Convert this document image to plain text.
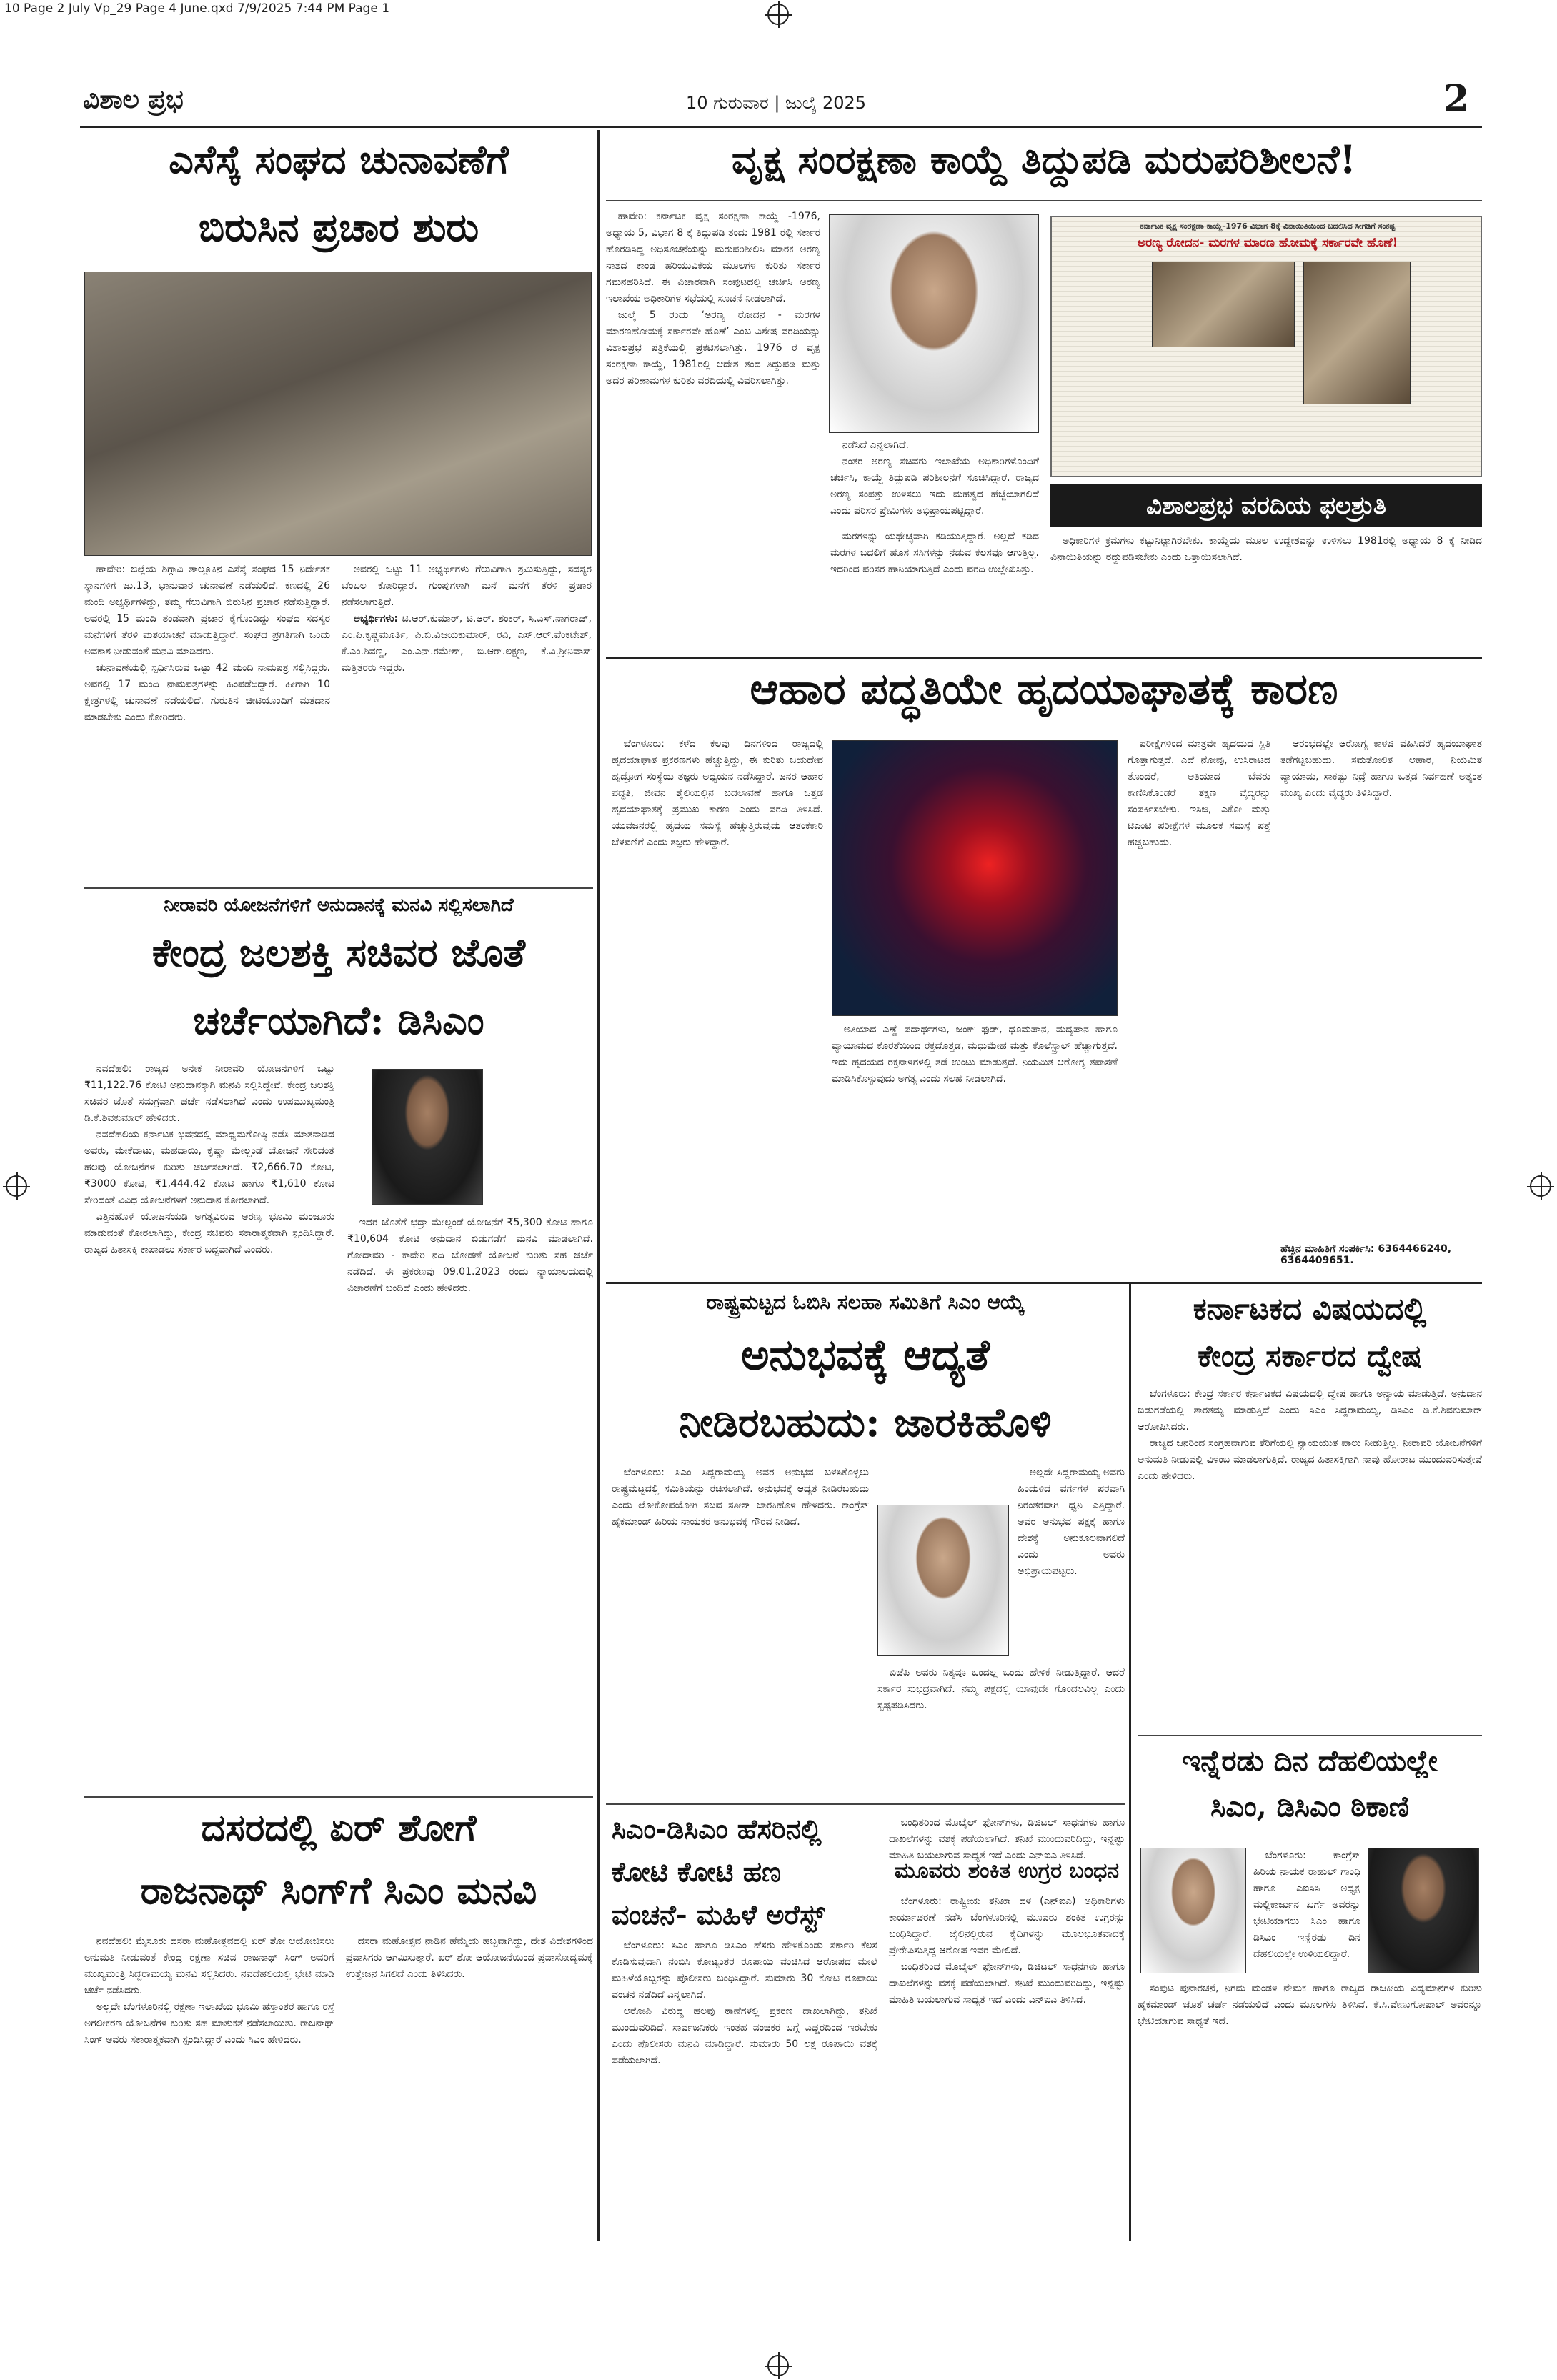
10 Page 2 July Vp_29 Page 4 June.qxd 7/9/2025 7:44 PM Page 1
ವಿಶಾಲ ಪ್ರಭ	10 ಗುರುವಾರ | ಜುಲೈ 2025	2
ಎಸೆಸ್ಕೆ ಸಂಘದ ಚುನಾವಣೆಗೆ
ಬಿರುಸಿನ ಪ್ರಚಾರ ಶುರು

ಹಾವೇರಿ: ಜಿಲ್ಲೆಯ ಶಿಗ್ಗಾವಿ ತಾಲ್ಲೂಕಿನ ಎಸೆಸ್ಕೆ ಸಂಘದ 15 ನಿರ್ದೇಶಕ ಸ್ಥಾನಗಳಿಗೆ ಜು.13, ಭಾನುವಾರ ಚುನಾವಣೆ ನಡೆಯಲಿದೆ. ಕಣದಲ್ಲಿ 26 ಮಂದಿ ಅಭ್ಯರ್ಥಿಗಳಿದ್ದು, ತಮ್ಮ ಗೆಲುವಿಗಾಗಿ ಬಿರುಸಿನ ಪ್ರಚಾರ ನಡೆಸುತ್ತಿದ್ದಾರೆ. ಅವರಲ್ಲಿ 15 ಮಂದಿ ತಂಡವಾಗಿ ಪ್ರಚಾರ ಕೈಗೊಂಡಿದ್ದು ಸಂಘದ ಸದಸ್ಯರ ಮನೆಗಳಿಗೆ ತೆರಳಿ ಮತಯಾಚನೆ ಮಾಡುತ್ತಿದ್ದಾರೆ. ಸಂಘದ ಪ್ರಗತಿಗಾಗಿ ಒಂದು ಅವಕಾಶ ನೀಡುವಂತೆ ಮನವಿ ಮಾಡಿದರು.

ಚುನಾವಣೆಯಲ್ಲಿ ಸ್ಪರ್ಧಿಸಿರುವ ಒಟ್ಟು 42 ಮಂದಿ ನಾಮಪತ್ರ ಸಲ್ಲಿಸಿದ್ದರು. ಅವರಲ್ಲಿ 17 ಮಂದಿ ನಾಮಪತ್ರಗಳನ್ನು ಹಿಂಪಡೆದಿದ್ದಾರೆ. ಹೀಗಾಗಿ 10 ಕ್ಷೇತ್ರಗಳಲ್ಲಿ ಚುನಾವಣೆ ನಡೆಯಲಿದೆ. ಗುರುತಿನ ಚೀಟಿಯೊಂದಿಗೆ ಮತದಾನ ಮಾಡಬೇಕು ಎಂದು ಕೋರಿದರು.

ಅವರಲ್ಲಿ ಒಟ್ಟು 11 ಅಭ್ಯರ್ಥಿಗಳು ಗೆಲುವಿಗಾಗಿ ಶ್ರಮಿಸುತ್ತಿದ್ದು, ಸದಸ್ಯರ ಬೆಂಬಲ ಕೋರಿದ್ದಾರೆ. ಗುಂಪುಗಳಾಗಿ ಮನೆ ಮನೆಗೆ ತೆರಳಿ ಪ್ರಚಾರ ನಡೆಸಲಾಗುತ್ತಿದೆ.

ಅಭ್ಯರ್ಥಿಗಳು: ಟಿ.ಆರ್.ಕುಮಾರ್, ಟಿ.ಆರ್. ಶಂಕರ್, ಸಿ.ಎಸ್.ನಾಗರಾಜ್, ಎಂ.ಪಿ.ಕೃಷ್ಣಮೂರ್ತಿ, ಪಿ.ಬಿ.ವಿಜಯಕುಮಾರ್, ರವಿ, ಎಸ್.ಆರ್.ವೆಂಕಟೇಶ್, ಕೆ.ಎಂ.ಶಿವಣ್ಣ, ಎಂ.ಎನ್.ರಮೇಶ್, ಬಿ.ಆರ್.ಲಕ್ಷ್ಮಣ, ಕೆ.ವಿ.ಶ್ರೀನಿವಾಸ್ ಮತ್ತಿತರರು ಇದ್ದರು.

ನೀರಾವರಿ ಯೋಜನೆಗಳಿಗೆ ಅನುದಾನಕ್ಕೆ ಮನವಿ ಸಲ್ಲಿಸಲಾಗಿದೆ
ಕೇಂದ್ರ ಜಲಶಕ್ತಿ ಸಚಿವರ ಜೊತೆ
ಚರ್ಚೆಯಾಗಿದೆ: ಡಿಸಿಎಂ

ನವದೆಹಲಿ: ರಾಜ್ಯದ ಅನೇಕ ನೀರಾವರಿ ಯೋಜನೆಗಳಿಗೆ ಒಟ್ಟು ₹11,122.76 ಕೋಟಿ ಅನುದಾನಕ್ಕಾಗಿ ಮನವಿ ಸಲ್ಲಿಸಿದ್ದೇವೆ. ಕೇಂದ್ರ ಜಲಶಕ್ತಿ ಸಚಿವರ ಜೊತೆ ಸಮಗ್ರವಾಗಿ ಚರ್ಚೆ ನಡೆಸಲಾಗಿದೆ ಎಂದು ಉಪಮುಖ್ಯಮಂತ್ರಿ ಡಿ.ಕೆ.ಶಿವಕುಮಾರ್ ಹೇಳಿದರು.

ನವದೆಹಲಿಯ ಕರ್ನಾಟಕ ಭವನದಲ್ಲಿ ಮಾಧ್ಯಮಗೋಷ್ಠಿ ನಡೆಸಿ ಮಾತನಾಡಿದ ಅವರು, ಮೇಕೆದಾಟು, ಮಹದಾಯಿ, ಕೃಷ್ಣಾ ಮೇಲ್ದಂಡೆ ಯೋಜನೆ ಸೇರಿದಂತೆ ಹಲವು ಯೋಜನೆಗಳ ಕುರಿತು ಚರ್ಚಿಸಲಾಗಿದೆ. ₹2,666.70 ಕೋಟಿ, ₹3000 ಕೋಟಿ, ₹1,444.42 ಕೋಟಿ ಹಾಗೂ ₹1,610 ಕೋಟಿ ಸೇರಿದಂತೆ ವಿವಿಧ ಯೋಜನೆಗಳಿಗೆ ಅನುದಾನ ಕೋರಲಾಗಿದೆ.

ಎತ್ತಿನಹೊಳೆ ಯೋಜನೆಯಡಿ ಅಗತ್ಯವಿರುವ ಅರಣ್ಯ ಭೂಮಿ ಮಂಜೂರು ಮಾಡುವಂತೆ ಕೋರಲಾಗಿದ್ದು, ಕೇಂದ್ರ ಸಚಿವರು ಸಕಾರಾತ್ಮಕವಾಗಿ ಸ್ಪಂದಿಸಿದ್ದಾರೆ. ರಾಜ್ಯದ ಹಿತಾಸಕ್ತಿ ಕಾಪಾಡಲು ಸರ್ಕಾರ ಬದ್ಧವಾಗಿದೆ ಎಂದರು.

ಇದರ ಜೊತೆಗೆ ಭದ್ರಾ ಮೇಲ್ದಂಡೆ ಯೋಜನೆಗೆ ₹5,300 ಕೋಟಿ ಹಾಗೂ ₹10,604 ಕೋಟಿ ಅನುದಾನ ಬಿಡುಗಡೆಗೆ ಮನವಿ ಮಾಡಲಾಗಿದೆ. ಗೋದಾವರಿ - ಕಾವೇರಿ ನದಿ ಜೋಡಣೆ ಯೋಜನೆ ಕುರಿತು ಸಹ ಚರ್ಚೆ ನಡೆದಿದೆ. ಈ ಪ್ರಕರಣವು 09.01.2023 ರಂದು ನ್ಯಾಯಾಲಯದಲ್ಲಿ ವಿಚಾರಣೆಗೆ ಬಂದಿದೆ ಎಂದು ಹೇಳಿದರು.

ದಸರದಲ್ಲಿ ಏರ್ ಶೋಗೆ
ರಾಜನಾಥ್ ಸಿಂಗ್‌ಗೆ ಸಿಎಂ ಮನವಿ

ನವದೆಹಲಿ: ಮೈಸೂರು ದಸರಾ ಮಹೋತ್ಸವದಲ್ಲಿ ಏರ್ ಶೋ ಆಯೋಜಿಸಲು ಅನುಮತಿ ನೀಡುವಂತೆ ಕೇಂದ್ರ ರಕ್ಷಣಾ ಸಚಿವ ರಾಜನಾಥ್ ಸಿಂಗ್ ಅವರಿಗೆ ಮುಖ್ಯಮಂತ್ರಿ ಸಿದ್ದರಾಮಯ್ಯ ಮನವಿ ಸಲ್ಲಿಸಿದರು. ನವದೆಹಲಿಯಲ್ಲಿ ಭೇಟಿ ಮಾಡಿ ಚರ್ಚೆ ನಡೆಸಿದರು.

ಅಲ್ಲದೇ ಬೆಂಗಳೂರಿನಲ್ಲಿ ರಕ್ಷಣಾ ಇಲಾಖೆಯ ಭೂಮಿ ಹಸ್ತಾಂತರ ಹಾಗೂ ರಸ್ತೆ ಅಗಲೀಕರಣ ಯೋಜನೆಗಳ ಕುರಿತು ಸಹ ಮಾತುಕತೆ ನಡೆಸಲಾಯಿತು. ರಾಜನಾಥ್ ಸಿಂಗ್ ಅವರು ಸಕಾರಾತ್ಮಕವಾಗಿ ಸ್ಪಂದಿಸಿದ್ದಾರೆ ಎಂದು ಸಿಎಂ ಹೇಳಿದರು.

ದಸರಾ ಮಹೋತ್ಸವ ನಾಡಿನ ಹೆಮ್ಮೆಯ ಹಬ್ಬವಾಗಿದ್ದು, ದೇಶ ವಿದೇಶಗಳಿಂದ ಪ್ರವಾಸಿಗರು ಆಗಮಿಸುತ್ತಾರೆ. ಏರ್ ಶೋ ಆಯೋಜನೆಯಿಂದ ಪ್ರವಾಸೋದ್ಯಮಕ್ಕೆ ಉತ್ತೇಜನ ಸಿಗಲಿದೆ ಎಂದು ತಿಳಿಸಿದರು.

ವೃಕ್ಷ ಸಂರಕ್ಷಣಾ ಕಾಯ್ದೆ ತಿದ್ದುಪಡಿ ಮರುಪರಿಶೀಲನೆ!

ಹಾವೇರಿ: ಕರ್ನಾಟಕ ವೃಕ್ಷ ಸಂರಕ್ಷಣಾ ಕಾಯ್ದೆ -1976, ಅಧ್ಯಾಯ 5, ವಿಭಾಗ 8 ಕ್ಕೆ ತಿದ್ದುಪಡಿ ತಂದು 1981 ರಲ್ಲಿ ಸರ್ಕಾರ ಹೊರಡಿಸಿದ್ದ ಅಧಿಸೂಚನೆಯನ್ನು ಮರುಪರಿಶೀಲಿಸಿ ಮಾರಕ ಅರಣ್ಯ ನಾಶದ ಕಾಂಡ ಹರಿಯುವಿಕೆಯ ಮೂಲಗಳ ಕುರಿತು ಸರ್ಕಾರ ಗಮನಹರಿಸಿದೆ. ಈ ವಿಚಾರವಾಗಿ ಸಂಪುಟದಲ್ಲಿ ಚರ್ಚಿಸಿ ಅರಣ್ಯ ಇಲಾಖೆಯ ಅಧಿಕಾರಿಗಳ ಸಭೆಯಲ್ಲಿ ಸೂಚನೆ ನೀಡಲಾಗಿದೆ.

ಜುಲೈ 5 ರಂದು ‘ಅರಣ್ಯ ರೋದನ - ಮರಗಳ ಮಾರಣಹೋಮಕ್ಕೆ ಸರ್ಕಾರವೇ ಹೊಣೆ’ ಎಂಬ ವಿಶೇಷ ವರದಿಯನ್ನು ವಿಶಾಲಪ್ರಭ ಪತ್ರಿಕೆಯಲ್ಲಿ ಪ್ರಕಟಿಸಲಾಗಿತ್ತು. 1976 ರ ವೃಕ್ಷ ಸಂರಕ್ಷಣಾ ಕಾಯ್ದೆ, 1981ರಲ್ಲಿ ಆದೇಶ ತಂದ ತಿದ್ದುಪಡಿ ಮತ್ತು ಅದರ ಪರಿಣಾಮಗಳ ಕುರಿತು ವರದಿಯಲ್ಲಿ ವಿವರಿಸಲಾಗಿತ್ತು.

ನಡೆಸಿದೆ ಎನ್ನಲಾಗಿದೆ.

ನಂತರ ಅರಣ್ಯ ಸಚಿವರು ಇಲಾಖೆಯ ಅಧಿಕಾರಿಗಳೊಂದಿಗೆ ಚರ್ಚಿಸಿ, ಕಾಯ್ದೆ ತಿದ್ದುಪಡಿ ಪರಿಶೀಲನೆಗೆ ಸೂಚಿಸಿದ್ದಾರೆ. ರಾಜ್ಯದ ಅರಣ್ಯ ಸಂಪತ್ತು ಉಳಿಸಲು ಇದು ಮಹತ್ವದ ಹೆಜ್ಜೆಯಾಗಲಿದೆ ಎಂದು ಪರಿಸರ ಪ್ರೇಮಿಗಳು ಅಭಿಪ್ರಾಯಪಟ್ಟಿದ್ದಾರೆ.

ಕರ್ನಾಟಕ ವೃಕ್ಷ ಸಂರಕ್ಷಣಾ ಕಾಯ್ದೆ-1976 ವಿಭಾಗ 8ಕ್ಕೆ ವಿನಾಯಿತಿಯಿಂದ ಬದಲಿಸಿದ ಸೀಗಡಿಗೆ ಸಂಕಷ್ಟ
ಅರಣ್ಯ ರೋದನ- ಮರಗಳ ಮಾರಣ ಹೋಮಕ್ಕೆ ಸರ್ಕಾರವೇ ಹೊಣೆ!
ವಿಶಾಲಪ್ರಭ ವರದಿಯ ಫಲಶ್ರುತಿ

ಮರಗಳನ್ನು ಯಥೇಚ್ಛವಾಗಿ ಕಡಿಯುತ್ತಿದ್ದಾರೆ. ಅಲ್ಲದೆ ಕಡಿದ ಮರಗಳ ಬದಲಿಗೆ ಹೊಸ ಸಸಿಗಳನ್ನು ನೆಡುವ ಕೆಲಸವೂ ಆಗುತ್ತಿಲ್ಲ. ಇದರಿಂದ ಪರಿಸರ ಹಾನಿಯಾಗುತ್ತಿದೆ ಎಂದು ವರದಿ ಉಲ್ಲೇಖಿಸಿತ್ತು.

ಅಧಿಕಾರಿಗಳ ಕ್ರಮಗಳು ಕಟ್ಟುನಿಟ್ಟಾಗಿರಬೇಕು. ಕಾಯ್ದೆಯ ಮೂಲ ಉದ್ದೇಶವನ್ನು ಉಳಿಸಲು 1981ರಲ್ಲಿ ಅಧ್ಯಾಯ 8 ಕ್ಕೆ ನೀಡಿದ ವಿನಾಯಿತಿಯನ್ನು ರದ್ದುಪಡಿಸಬೇಕು ಎಂದು ಒತ್ತಾಯಿಸಲಾಗಿದೆ.

ಆಹಾರ ಪದ್ಧತಿಯೇ ಹೃದಯಾಘಾತಕ್ಕೆ ಕಾರಣ

ಬೆಂಗಳೂರು: ಕಳೆದ ಕೆಲವು ದಿನಗಳಿಂದ ರಾಜ್ಯದಲ್ಲಿ ಹೃದಯಾಘಾತ ಪ್ರಕರಣಗಳು ಹೆಚ್ಚುತ್ತಿದ್ದು, ಈ ಕುರಿತು ಜಯದೇವ ಹೃದ್ರೋಗ ಸಂಸ್ಥೆಯ ತಜ್ಞರು ಅಧ್ಯಯನ ನಡೆಸಿದ್ದಾರೆ. ಜನರ ಆಹಾರ ಪದ್ಧತಿ, ಜೀವನ ಶೈಲಿಯಲ್ಲಿನ ಬದಲಾವಣೆ ಹಾಗೂ ಒತ್ತಡ ಹೃದಯಾಘಾತಕ್ಕೆ ಪ್ರಮುಖ ಕಾರಣ ಎಂದು ವರದಿ ತಿಳಿಸಿದೆ. ಯುವಜನರಲ್ಲಿ ಹೃದಯ ಸಮಸ್ಯೆ ಹೆಚ್ಚುತ್ತಿರುವುದು ಆತಂಕಕಾರಿ ಬೆಳವಣಿಗೆ ಎಂದು ತಜ್ಞರು ಹೇಳಿದ್ದಾರೆ.

ಅತಿಯಾದ ಎಣ್ಣೆ ಪದಾರ್ಥಗಳು, ಜಂಕ್ ಫುಡ್, ಧೂಮಪಾನ, ಮದ್ಯಪಾನ ಹಾಗೂ ವ್ಯಾಯಾಮದ ಕೊರತೆಯಿಂದ ರಕ್ತದೊತ್ತಡ, ಮಧುಮೇಹ ಮತ್ತು ಕೊಲೆಸ್ಟ್ರಾಲ್ ಹೆಚ್ಚಾಗುತ್ತದೆ. ಇದು ಹೃದಯದ ರಕ್ತನಾಳಗಳಲ್ಲಿ ತಡೆ ಉಂಟು ಮಾಡುತ್ತದೆ. ನಿಯಮಿತ ಆರೋಗ್ಯ ತಪಾಸಣೆ ಮಾಡಿಸಿಕೊಳ್ಳುವುದು ಅಗತ್ಯ ಎಂದು ಸಲಹೆ ನೀಡಲಾಗಿದೆ.

ಪರೀಕ್ಷೆಗಳಿಂದ ಮಾತ್ರವೇ ಹೃದಯದ ಸ್ಥಿತಿ ಗೊತ್ತಾಗುತ್ತದೆ. ಎದೆ ನೋವು, ಉಸಿರಾಟದ ತೊಂದರೆ, ಅತಿಯಾದ ಬೆವರು ಕಾಣಿಸಿಕೊಂಡರೆ ತಕ್ಷಣ ವೈದ್ಯರನ್ನು ಸಂಪರ್ಕಿಸಬೇಕು. ಇಸಿಜಿ, ಎಕೋ ಮತ್ತು ಟಿಎಂಟಿ ಪರೀಕ್ಷೆಗಳ ಮೂಲಕ ಸಮಸ್ಯೆ ಪತ್ತೆ ಹಚ್ಚಬಹುದು.

ಆರಂಭದಲ್ಲೇ ಆರೋಗ್ಯ ಕಾಳಜಿ ವಹಿಸಿದರೆ ಹೃದಯಾಘಾತ ತಡೆಗಟ್ಟಬಹುದು. ಸಮತೋಲಿತ ಆಹಾರ, ನಿಯಮಿತ ವ್ಯಾಯಾಮ, ಸಾಕಷ್ಟು ನಿದ್ರೆ ಹಾಗೂ ಒತ್ತಡ ನಿರ್ವಹಣೆ ಅತ್ಯಂತ ಮುಖ್ಯ ಎಂದು ವೈದ್ಯರು ತಿಳಿಸಿದ್ದಾರೆ.

ಹೆಚ್ಚಿನ ಮಾಹಿತಿಗೆ ಸಂಪರ್ಕಿಸಿ: 6364466240, 6364409651.
ರಾಷ್ಟ್ರಮಟ್ಟದ ಓಬಿಸಿ ಸಲಹಾ ಸಮಿತಿಗೆ ಸಿಎಂ ಆಯ್ಕೆ
ಅನುಭವಕ್ಕೆ ಆದ್ಯತೆ
ನೀಡಿರಬಹುದು: ಜಾರಕಿಹೊಳಿ

ಬೆಂಗಳೂರು: ಸಿಎಂ ಸಿದ್ದರಾಮಯ್ಯ ಅವರ ಅನುಭವ ಬಳಸಿಕೊಳ್ಳಲು ರಾಷ್ಟ್ರಮಟ್ಟದಲ್ಲಿ ಸಮಿತಿಯನ್ನು ರಚಿಸಲಾಗಿದೆ. ಅನುಭವಕ್ಕೆ ಆದ್ಯತೆ ನೀಡಿರಬಹುದು ಎಂದು ಲೋಕೋಪಯೋಗಿ ಸಚಿವ ಸತೀಶ್ ಜಾರಕಿಹೊಳಿ ಹೇಳಿದರು. ಕಾಂಗ್ರೆಸ್ ಹೈಕಮಾಂಡ್ ಹಿರಿಯ ನಾಯಕರ ಅನುಭವಕ್ಕೆ ಗೌರವ ನೀಡಿದೆ.

ಅಲ್ಲದೇ ಸಿದ್ದರಾಮಯ್ಯ ಅವರು ಹಿಂದುಳಿದ ವರ್ಗಗಳ ಪರವಾಗಿ ನಿರಂತರವಾಗಿ ಧ್ವನಿ ಎತ್ತಿದ್ದಾರೆ. ಅವರ ಅನುಭವ ಪಕ್ಷಕ್ಕೆ ಹಾಗೂ ದೇಶಕ್ಕೆ ಅನುಕೂಲವಾಗಲಿದೆ ಎಂದು ಅವರು ಅಭಿಪ್ರಾಯಪಟ್ಟರು.

ಬಿಜೆಪಿ ಅವರು ನಿತ್ಯವೂ ಒಂದಲ್ಲ ಒಂದು ಹೇಳಿಕೆ ನೀಡುತ್ತಿದ್ದಾರೆ. ಆದರೆ ಸರ್ಕಾರ ಸುಭದ್ರವಾಗಿದೆ. ನಮ್ಮ ಪಕ್ಷದಲ್ಲಿ ಯಾವುದೇ ಗೊಂದಲವಿಲ್ಲ ಎಂದು ಸ್ಪಷ್ಟಪಡಿಸಿದರು.

ಸಿಎಂ-ಡಿಸಿಎಂ ಹೆಸರಿನಲ್ಲಿ
ಕೋಟಿ ಕೋಟಿ ಹಣ
ವಂಚನೆ- ಮಹಿಳೆ ಅರೆಸ್ಟ್

ಬೆಂಗಳೂರು: ಸಿಎಂ ಹಾಗೂ ಡಿಸಿಎಂ ಹೆಸರು ಹೇಳಿಕೊಂಡು ಸರ್ಕಾರಿ ಕೆಲಸ ಕೊಡಿಸುವುದಾಗಿ ನಂಬಿಸಿ ಕೋಟ್ಯಂತರ ರೂಪಾಯಿ ವಂಚಿಸಿದ ಆರೋಪದ ಮೇಲೆ ಮಹಿಳೆಯೊಬ್ಬರನ್ನು ಪೊಲೀಸರು ಬಂಧಿಸಿದ್ದಾರೆ. ಸುಮಾರು 30 ಕೋಟಿ ರೂಪಾಯಿ ವಂಚನೆ ನಡೆದಿದೆ ಎನ್ನಲಾಗಿದೆ.

ಆರೋಪಿ ವಿರುದ್ಧ ಹಲವು ಠಾಣೆಗಳಲ್ಲಿ ಪ್ರಕರಣ ದಾಖಲಾಗಿದ್ದು, ತನಿಖೆ ಮುಂದುವರಿದಿದೆ. ಸಾರ್ವಜನಿಕರು ಇಂತಹ ವಂಚಕರ ಬಗ್ಗೆ ಎಚ್ಚರದಿಂದ ಇರಬೇಕು ಎಂದು ಪೊಲೀಸರು ಮನವಿ ಮಾಡಿದ್ದಾರೆ. ಸುಮಾರು 50 ಲಕ್ಷ ರೂಪಾಯಿ ವಶಕ್ಕೆ ಪಡೆಯಲಾಗಿದೆ.

ಮೂವರು ಶಂಕಿತ ಉಗ್ರರ ಬಂಧನ

ಬಂಧಿತರಿಂದ ಮೊಬೈಲ್ ಫೋನ್‌ಗಳು, ಡಿಜಿಟಲ್ ಸಾಧನಗಳು ಹಾಗೂ ದಾಖಲೆಗಳನ್ನು ವಶಕ್ಕೆ ಪಡೆಯಲಾಗಿದೆ. ತನಿಖೆ ಮುಂದುವರಿದಿದ್ದು, ಇನ್ನಷ್ಟು ಮಾಹಿತಿ ಬಯಲಾಗುವ ಸಾಧ್ಯತೆ ಇದೆ ಎಂದು ಎನ್‌ಐಎ ತಿಳಿಸಿದೆ.

ಬೆಂಗಳೂರು: ರಾಷ್ಟ್ರೀಯ ತನಿಖಾ ದಳ (ಎನ್‌ಐಎ) ಅಧಿಕಾರಿಗಳು ಕಾರ್ಯಾಚರಣೆ ನಡೆಸಿ ಬೆಂಗಳೂರಿನಲ್ಲಿ ಮೂವರು ಶಂಕಿತ ಉಗ್ರರನ್ನು ಬಂಧಿಸಿದ್ದಾರೆ. ಜೈಲಿನಲ್ಲಿರುವ ಕೈದಿಗಳನ್ನು ಮೂಲಭೂತವಾದಕ್ಕೆ ಪ್ರೇರೇಪಿಸುತ್ತಿದ್ದ ಆರೋಪ ಇವರ ಮೇಲಿದೆ.

ಬಂಧಿತರಿಂದ ಮೊಬೈಲ್ ಫೋನ್‌ಗಳು, ಡಿಜಿಟಲ್ ಸಾಧನಗಳು ಹಾಗೂ ದಾಖಲೆಗಳನ್ನು ವಶಕ್ಕೆ ಪಡೆಯಲಾಗಿದೆ. ತನಿಖೆ ಮುಂದುವರಿದಿದ್ದು, ಇನ್ನಷ್ಟು ಮಾಹಿತಿ ಬಯಲಾಗುವ ಸಾಧ್ಯತೆ ಇದೆ ಎಂದು ಎನ್‌ಐಎ ತಿಳಿಸಿದೆ.

ಕರ್ನಾಟಕದ ವಿಷಯದಲ್ಲಿ
ಕೇಂದ್ರ ಸರ್ಕಾರದ ದ್ವೇಷ

ಬೆಂಗಳೂರು: ಕೇಂದ್ರ ಸರ್ಕಾರ ಕರ್ನಾಟಕದ ವಿಷಯದಲ್ಲಿ ದ್ವೇಷ ಹಾಗೂ ಅನ್ಯಾಯ ಮಾಡುತ್ತಿದೆ. ಅನುದಾನ ಬಿಡುಗಡೆಯಲ್ಲಿ ತಾರತಮ್ಯ ಮಾಡುತ್ತಿದೆ ಎಂದು ಸಿಎಂ ಸಿದ್ದರಾಮಯ್ಯ, ಡಿಸಿಎಂ ಡಿ.ಕೆ.ಶಿವಕುಮಾರ್ ಆರೋಪಿಸಿದರು.

ರಾಜ್ಯದ ಜನರಿಂದ ಸಂಗ್ರಹವಾಗುವ ತೆರಿಗೆಯಲ್ಲಿ ನ್ಯಾಯಯುತ ಪಾಲು ನೀಡುತ್ತಿಲ್ಲ. ನೀರಾವರಿ ಯೋಜನೆಗಳಿಗೆ ಅನುಮತಿ ನೀಡುವಲ್ಲಿ ವಿಳಂಬ ಮಾಡಲಾಗುತ್ತಿದೆ. ರಾಜ್ಯದ ಹಿತಾಸಕ್ತಿಗಾಗಿ ನಾವು ಹೋರಾಟ ಮುಂದುವರಿಸುತ್ತೇವೆ ಎಂದು ಹೇಳಿದರು.

ಇನ್ನೆರಡು ದಿನ ದೆಹಲಿಯಲ್ಲೇ
ಸಿಎಂ, ಡಿಸಿಎಂ ಠಿಕಾಣಿ

ಬೆಂಗಳೂರು: ಕಾಂಗ್ರೆಸ್ ಹಿರಿಯ ನಾಯಕ ರಾಹುಲ್ ಗಾಂಧಿ ಹಾಗೂ ಎಐಸಿಸಿ ಅಧ್ಯಕ್ಷ ಮಲ್ಲಿಕಾರ್ಜುನ ಖರ್ಗೆ ಅವರನ್ನು ಭೇಟಿಯಾಗಲು ಸಿಎಂ ಹಾಗೂ ಡಿಸಿಎಂ ಇನ್ನೆರಡು ದಿನ ದೆಹಲಿಯಲ್ಲೇ ಉಳಿಯಲಿದ್ದಾರೆ.

ಸಂಪುಟ ಪುನಾರಚನೆ, ನಿಗಮ ಮಂಡಳಿ ನೇಮಕ ಹಾಗೂ ರಾಜ್ಯದ ರಾಜಕೀಯ ವಿದ್ಯಮಾನಗಳ ಕುರಿತು ಹೈಕಮಾಂಡ್ ಜೊತೆ ಚರ್ಚೆ ನಡೆಯಲಿದೆ ಎಂದು ಮೂಲಗಳು ತಿಳಿಸಿವೆ. ಕೆ.ಸಿ.ವೇಣುಗೋಪಾಲ್ ಅವರನ್ನೂ ಭೇಟಿಯಾಗುವ ಸಾಧ್ಯತೆ ಇದೆ.
